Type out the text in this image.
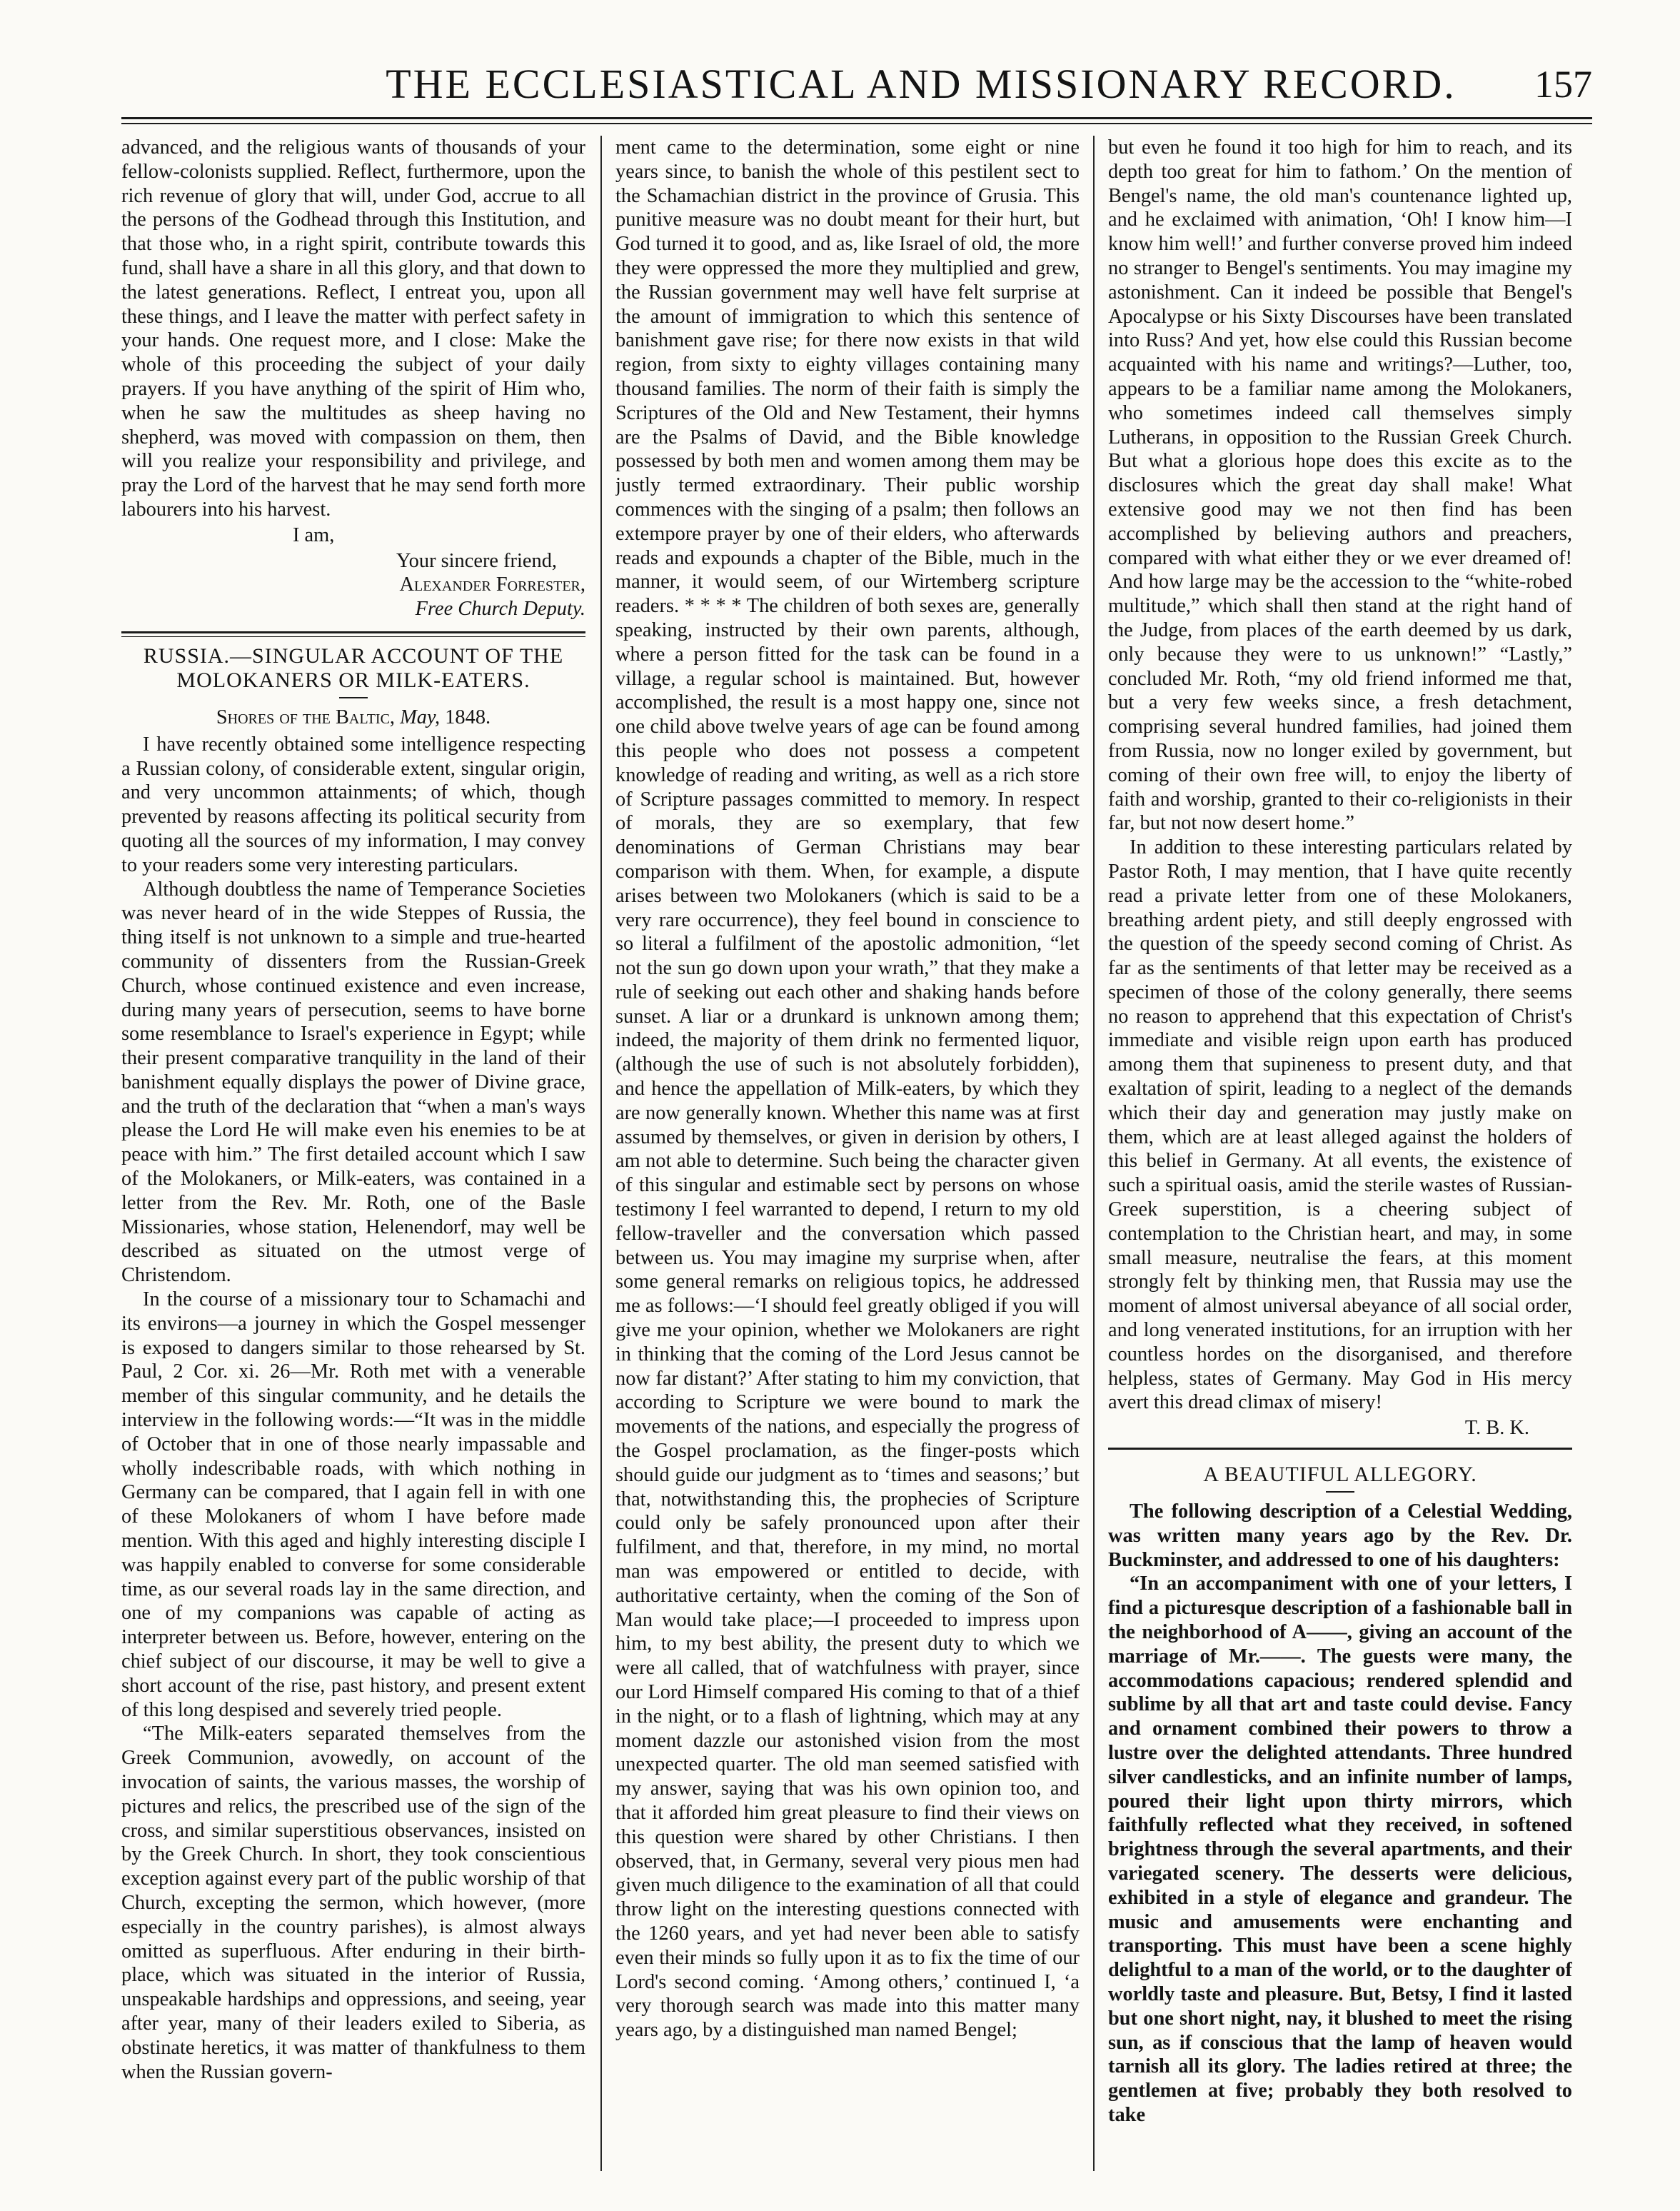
THE ECCLESIASTICAL AND MISSIONARY RECORD. 157

advanced, and the religious wants of thousands of your fellow-colonists supplied. Reflect, furthermore, upon the rich revenue of glory that will, under God, accrue to all the persons of the Godhead through this Institution, and that those who, in a right spirit, contribute towards this fund, shall have a share in all this glory, and that down to the latest generations. Reflect, I entreat you, upon all these things, and I leave the matter with perfect safety in your hands. One request more, and I close: Make the whole of this proceeding the subject of your daily prayers. If you have anything of the spirit of Him who, when he saw the multitudes as sheep having no shepherd, was moved with compassion on them, then will you realize your responsibility and privilege, and pray the Lord of the harvest that he may send forth more labourers into his harvest.

I am,

Your sincere friend,

Alexander Forrester,

Free Church Deputy.

RUSSIA.—SINGULAR ACCOUNT OF THE MOLOKANERS OR MILK-EATERS.
Shores of the Baltic, May, 1848.

I have recently obtained some intelligence respecting a Russian colony, of considerable extent, singular origin, and very uncommon attainments; of which, though prevented by reasons affecting its political security from quoting all the sources of my information, I may convey to your readers some very interesting particulars.

Although doubtless the name of Temperance Societies was never heard of in the wide Steppes of Russia, the thing itself is not unknown to a simple and true-hearted community of dissenters from the Russian-Greek Church, whose continued existence and even increase, during many years of persecution, seems to have borne some resemblance to Israel's experience in Egypt; while their present comparative tranquility in the land of their banishment equally displays the power of Divine grace, and the truth of the declaration that “when a man's ways please the Lord He will make even his enemies to be at peace with him.” The first detailed account which I saw of the Molokaners, or Milk-eaters, was contained in a letter from the Rev. Mr. Roth, one of the Basle Missionaries, whose station, Helenendorf, may well be described as situated on the utmost verge of Christendom.

In the course of a missionary tour to Schamachi and its environs—a journey in which the Gospel messenger is exposed to dangers similar to those rehearsed by St. Paul, 2 Cor. xi. 26—Mr. Roth met with a venerable member of this singular community, and he details the interview in the following words:—“It was in the middle of October that in one of those nearly impassable and wholly indescribable roads, with which nothing in Germany can be compared, that I again fell in with one of these Molokaners of whom I have before made mention. With this aged and highly interesting disciple I was happily enabled to converse for some considerable time, as our several roads lay in the same direction, and one of my companions was capable of acting as interpreter between us. Before, however, entering on the chief subject of our discourse, it may be well to give a short account of the rise, past history, and present extent of this long despised and severely tried people.

“The Milk-eaters separated themselves from the Greek Communion, avowedly, on account of the invocation of saints, the various masses, the worship of pictures and relics, the prescribed use of the sign of the cross, and similar superstitious observances, insisted on by the Greek Church. In short, they took conscientious exception against every part of the public worship of that Church, excepting the sermon, which however, (more especially in the country parishes), is almost always omitted as superfluous. After enduring in their birth-place, which was situated in the interior of Russia, unspeakable hardships and oppressions, and seeing, year after year, many of their leaders exiled to Siberia, as obstinate heretics, it was matter of thankfulness to them when the Russian govern-

ment came to the determination, some eight or nine years since, to banish the whole of this pestilent sect to the Schamachian district in the province of Grusia. This punitive measure was no doubt meant for their hurt, but God turned it to good, and as, like Israel of old, the more they were oppressed the more they multiplied and grew, the Russian government may well have felt surprise at the amount of immigration to which this sentence of banishment gave rise; for there now exists in that wild region, from sixty to eighty villages containing many thousand families. The norm of their faith is simply the Scriptures of the Old and New Testament, their hymns are the Psalms of David, and the Bible knowledge possessed by both men and women among them may be justly termed extraordinary. Their public worship commences with the singing of a psalm; then follows an extempore prayer by one of their elders, who afterwards reads and expounds a chapter of the Bible, much in the manner, it would seem, of our Wirtemberg scripture readers. * * * * The children of both sexes are, generally speaking, instructed by their own parents, although, where a person fitted for the task can be found in a village, a regular school is maintained. But, however accomplished, the result is a most happy one, since not one child above twelve years of age can be found among this people who does not possess a competent knowledge of reading and writing, as well as a rich store of Scripture passages committed to memory. In respect of morals, they are so exemplary, that few denominations of German Christians may bear comparison with them. When, for example, a dispute arises between two Molokaners (which is said to be a very rare occurrence), they feel bound in conscience to so literal a fulfilment of the apostolic admonition, “let not the sun go down upon your wrath,” that they make a rule of seeking out each other and shaking hands before sunset. A liar or a drunkard is unknown among them; indeed, the majority of them drink no fermented liquor, (although the use of such is not absolutely forbidden), and hence the appellation of Milk-eaters, by which they are now generally known. Whether this name was at first assumed by themselves, or given in derision by others, I am not able to determine. Such being the character given of this singular and estimable sect by persons on whose testimony I feel warranted to depend, I return to my old fellow-traveller and the conversation which passed between us. You may imagine my surprise when, after some general remarks on religious topics, he addressed me as follows:—‘I should feel greatly obliged if you will give me your opinion, whether we Molokaners are right in thinking that the coming of the Lord Jesus cannot be now far distant?’ After stating to him my conviction, that according to Scripture we were bound to mark the movements of the nations, and especially the progress of the Gospel proclamation, as the finger-posts which should guide our judgment as to ‘times and seasons;’ but that, notwithstanding this, the prophecies of Scripture could only be safely pronounced upon after their fulfilment, and that, therefore, in my mind, no mortal man was empowered or entitled to decide, with authoritative certainty, when the coming of the Son of Man would take place;—I proceeded to impress upon him, to my best ability, the present duty to which we were all called, that of watchfulness with prayer, since our Lord Himself compared His coming to that of a thief in the night, or to a flash of lightning, which may at any moment dazzle our astonished vision from the most unexpected quarter. The old man seemed satisfied with my answer, saying that was his own opinion too, and that it afforded him great pleasure to find their views on this question were shared by other Christians. I then observed, that, in Germany, several very pious men had given much diligence to the examination of all that could throw light on the interesting questions connected with the 1260 years, and yet had never been able to satisfy even their minds so fully upon it as to fix the time of our Lord's second coming. ‘Among others,’ continued I, ‘a very thorough search was made into this matter many years ago, by a distinguished man named Bengel;

but even he found it too high for him to reach, and its depth too great for him to fathom.’ On the mention of Bengel's name, the old man's countenance lighted up, and he exclaimed with animation, ‘Oh! I know him—I know him well!’ and further converse proved him indeed no stranger to Bengel's sentiments. You may imagine my astonishment. Can it indeed be possible that Bengel's Apocalypse or his Sixty Discourses have been translated into Russ? And yet, how else could this Russian become acquainted with his name and writings?—Luther, too, appears to be a familiar name among the Molokaners, who sometimes indeed call themselves simply Lutherans, in opposition to the Russian Greek Church. But what a glorious hope does this excite as to the disclosures which the great day shall make! What extensive good may we not then find has been accomplished by believing authors and preachers, compared with what either they or we ever dreamed of! And how large may be the accession to the “white-robed multitude,” which shall then stand at the right hand of the Judge, from places of the earth deemed by us dark, only because they were to us unknown!” “Lastly,” concluded Mr. Roth, “my old friend informed me that, but a very few weeks since, a fresh detachment, comprising several hundred families, had joined them from Russia, now no longer exiled by government, but coming of their own free will, to enjoy the liberty of faith and worship, granted to their co-religionists in their far, but not now desert home.”

In addition to these interesting particulars related by Pastor Roth, I may mention, that I have quite recently read a private letter from one of these Molokaners, breathing ardent piety, and still deeply engrossed with the question of the speedy second coming of Christ. As far as the sentiments of that letter may be received as a specimen of those of the colony generally, there seems no reason to apprehend that this expectation of Christ's immediate and visible reign upon earth has produced among them that supineness to present duty, and that exaltation of spirit, leading to a neglect of the demands which their day and generation may justly make on them, which are at least alleged against the holders of this belief in Germany. At all events, the existence of such a spiritual oasis, amid the sterile wastes of Russian-Greek superstition, is a cheering subject of contemplation to the Christian heart, and may, in some small measure, neutralise the fears, at this moment strongly felt by thinking men, that Russia may use the moment of almost universal abeyance of all social order, and long venerated institutions, for an irruption with her countless hordes on the disorganised, and therefore helpless, states of Germany. May God in His mercy avert this dread climax of misery!

T. B. K.

A BEAUTIFUL ALLEGORY.

The following description of a Celestial Wedding, was written many years ago by the Rev. Dr. Buckminster, and addressed to one of his daughters:

“In an accompaniment with one of your letters, I find a picturesque description of a fashionable ball in the neighborhood of A——, giving an account of the marriage of Mr.——. The guests were many, the accommodations capacious; rendered splendid and sublime by all that art and taste could devise. Fancy and ornament combined their powers to throw a lustre over the delighted attendants. Three hundred silver candlesticks, and an infinite number of lamps, poured their light upon thirty mirrors, which faithfully reflected what they received, in softened brightness through the several apartments, and their variegated scenery. The desserts were delicious, exhibited in a style of elegance and grandeur. The music and amusements were enchanting and transporting. This must have been a scene highly delightful to a man of the world, or to the daughter of worldly taste and pleasure. But, Betsy, I find it lasted but one short night, nay, it blushed to meet the rising sun, as if conscious that the lamp of heaven would tarnish all its glory. The ladies retired at three; the gentlemen at five; probably they both resolved to take
